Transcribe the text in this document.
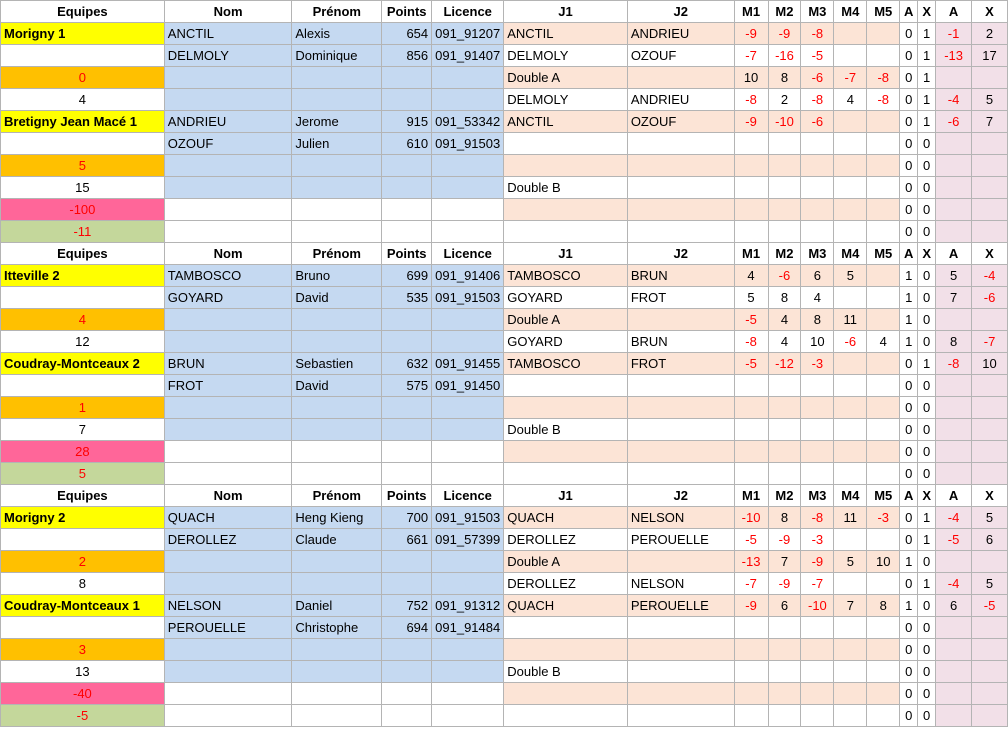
Equipes	Nom	Prénom	Points	Licence	J1	J2	M1	M2	M3	M4	M5	A	X	A	X
Morigny 1	ANCTIL	Alexis	654	091_91207	ANCTIL	ANDRIEU	-9	-9	-8			0	1	-1	2
	DELMOLY	Dominique	856	091_91407	DELMOLY	OZOUF	-7	-16	-5			0	1	-13	17
0					Double A		10	8	-6	-7	-8	0	1		
4					DELMOLY	ANDRIEU	-8	2	-8	4	-8	0	1	-4	5
Bretigny Jean Macé 1	ANDRIEU	Jerome	915	091_53342	ANCTIL	OZOUF	-9	-10	-6			0	1	-6	7
	OZOUF	Julien	610	091_91503								0	0		
5												0	0		
15					Double B							0	0		
-100												0	0		
-11												0	0		
Equipes	Nom	Prénom	Points	Licence	J1	J2	M1	M2	M3	M4	M5	A	X	A	X
Itteville 2	TAMBOSCO	Bruno	699	091_91406	TAMBOSCO	BRUN	4	-6	6	5		1	0	5	-4
	GOYARD	David	535	091_91503	GOYARD	FROT	5	8	4			1	0	7	-6
4					Double A		-5	4	8	11		1	0		
12					GOYARD	BRUN	-8	4	10	-6	4	1	0	8	-7
Coudray-Montceaux 2	BRUN	Sebastien	632	091_91455	TAMBOSCO	FROT	-5	-12	-3			0	1	-8	10
	FROT	David	575	091_91450								0	0		
1												0	0		
7					Double B							0	0		
28												0	0		
5												0	0		
Equipes	Nom	Prénom	Points	Licence	J1	J2	M1	M2	M3	M4	M5	A	X	A	X
Morigny 2	QUACH	Heng Kieng	700	091_91503	QUACH	NELSON	-10	8	-8	11	-3	0	1	-4	5
	DEROLLEZ	Claude	661	091_57399	DEROLLEZ	PEROUELLE	-5	-9	-3			0	1	-5	6
2					Double A		-13	7	-9	5	10	1	0		
8					DEROLLEZ	NELSON	-7	-9	-7			0	1	-4	5
Coudray-Montceaux 1	NELSON	Daniel	752	091_91312	QUACH	PEROUELLE	-9	6	-10	7	8	1	0	6	-5
	PEROUELLE	Christophe	694	091_91484								0	0		
3												0	0		
13					Double B							0	0		
-40												0	0		
-5												0	0		
